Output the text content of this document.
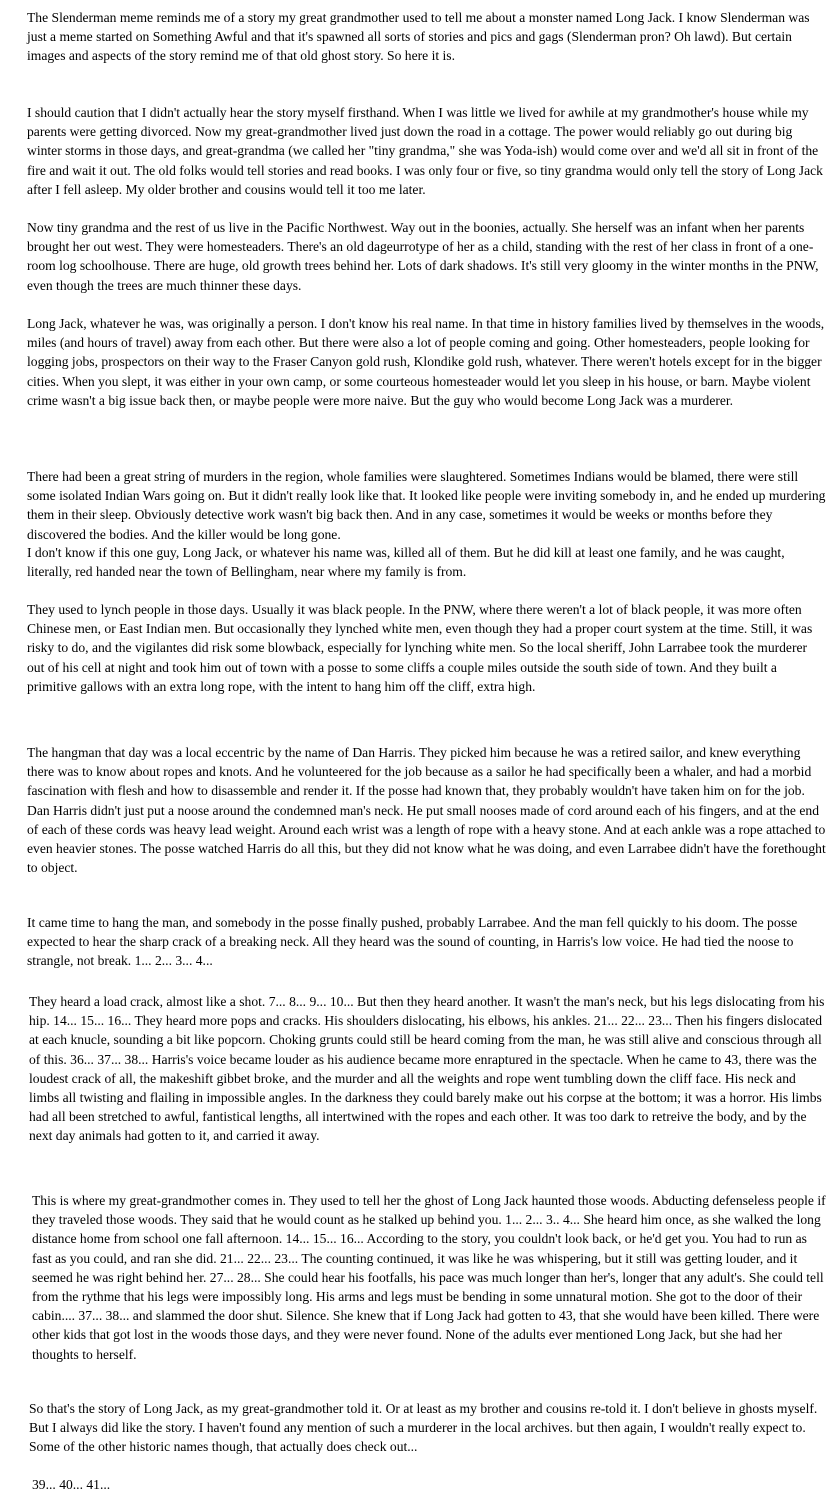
The Slenderman meme reminds me of a story my great grandmother used to tell me about a monster named Long Jack. I know Slenderman was just a meme started on Something Awful and that it's spawned all sorts of stories and pics and gags (Slenderman pron? Oh lawd). But certain images and aspects of the story remind me of that old ghost story. So here it is.

I should caution that I didn't actually hear the story myself firsthand. When I was little we lived for awhile at my grandmother's house while my parents were getting divorced. Now my great-grandmother lived just down the road in a cottage. The power would reliably go out during big winter storms in those days, and great-grandma (we called her "tiny grandma," she was Yoda-ish) would come over and we'd all sit in front of the fire and wait it out. The old folks would tell stories and read books. I was only four or five, so tiny grandma would only tell the story of Long Jack after I fell asleep. My older brother and cousins would tell it too me later.

Now tiny grandma and the rest of us live in the Pacific Northwest. Way out in the boonies, actually. She herself was an infant when her parents brought her out west. They were homesteaders. There's an old dageurrotype of her as a child, standing with the rest of her class in front of a one-room log schoolhouse. There are huge, old growth trees behind her. Lots of dark shadows. It's still very gloomy in the winter months in the PNW, even though the trees are much thinner these days.

Long Jack, whatever he was, was originally a person. I don't know his real name. In that time in history families lived by themselves in the woods, miles (and hours of travel) away from each other. But there were also a lot of people coming and going. Other homesteaders, people looking for logging jobs, prospectors on their way to the Fraser Canyon gold rush, Klondike gold rush, whatever. There weren't hotels except for in the bigger cities. When you slept, it was either in your own camp, or some courteous homesteader would let you sleep in his house, or barn. Maybe violent crime wasn't a big issue back then, or maybe people were more naive. But the guy who would become Long Jack was a murderer.

There had been a great string of murders in the region, whole families were slaughtered. Sometimes Indians would be blamed, there were still some isolated Indian Wars going on. But it didn't really look like that. It looked like people were inviting somebody in, and he ended up murdering them in their sleep. Obviously detective work wasn't big back then. And in any case, sometimes it would be weeks or months before they discovered the bodies. And the killer would be long gone.

I don't know if this one guy, Long Jack, or whatever his name was, killed all of them. But he did kill at least one family, and he was caught, literally, red handed near the town of Bellingham, near where my family is from.

They used to lynch people in those days. Usually it was black people. In the PNW, where there weren't a lot of black people, it was more often Chinese men, or East Indian men. But occasionally they lynched white men, even though they had a proper court system at the time. Still, it was risky to do, and the vigilantes did risk some blowback, especially for lynching white men. So the local sheriff, John Larrabee took the murderer out of his cell at night and took him out of town with a posse to some cliffs a couple miles outside the south side of town. And they built a primitive gallows with an extra long rope, with the intent to hang him off the cliff, extra high.

The hangman that day was a local eccentric by the name of Dan Harris. They picked him because he was a retired sailor, and knew everything there was to know about ropes and knots. And he volunteered for the job because as a sailor he had specifically been a whaler, and had a morbid fascination with flesh and how to disassemble and render it. If the posse had known that, they probably wouldn't have taken him on for the job. Dan Harris didn't just put a noose around the condemned man's neck. He put small nooses made of cord around each of his fingers, and at the end of each of these cords was heavy lead weight. Around each wrist was a length of rope with a heavy stone. And at each ankle was a rope attached to even heavier stones. The posse watched Harris do all this, but they did not know what he was doing, and even Larrabee didn't have the forethought to object.

It came time to hang the man, and somebody in the posse finally pushed, probably Larrabee. And the man fell quickly to his doom. The posse expected to hear the sharp crack of a breaking neck. All they heard was the sound of counting, in Harris's low voice. He had tied the noose to strangle, not break. 1... 2... 3... 4...

They heard a load crack, almost like a shot. 7... 8... 9... 10... But then they heard another. It wasn't the man's neck, but his legs dislocating from his hip. 14... 15... 16... They heard more pops and cracks. His shoulders dislocating, his elbows, his ankles. 21... 22... 23... Then his fingers dislocated at each knucle, sounding a bit like popcorn. Choking grunts could still be heard coming from the man, he was still alive and conscious through all of this. 36... 37... 38... Harris's voice became louder as his audience became more enraptured in the spectacle. When he came to 43, there was the loudest crack of all, the makeshift gibbet broke, and the murder and all the weights and rope went tumbling down the cliff face. His neck and limbs all twisting and flailing in impossible angles. In the darkness they could barely make out his corpse at the bottom; it was a horror. His limbs had all been stretched to awful, fantistical lengths, all intertwined with the ropes and each other. It was too dark to retreive the body, and by the next day animals had gotten to it, and carried it away.

This is where my great-grandmother comes in. They used to tell her the ghost of Long Jack haunted those woods. Abducting defenseless people if they traveled those woods. They said that he would count as he stalked up behind you. 1... 2... 3.. 4... She heard him once, as she walked the long distance home from school one fall afternoon. 14... 15... 16... According to the story, you couldn't look back, or he'd get you. You had to run as fast as you could, and ran she did. 21... 22... 23... The counting continued, it was like he was whispering, but it still was getting louder, and it seemed he was right behind her. 27... 28... She could hear his footfalls, his pace was much longer than her's, longer that any adult's. She could tell from the rythme that his legs were impossibly long. His arms and legs must be bending in some unnatural motion. She got to the door of their cabin.... 37... 38... and slammed the door shut. Silence. She knew that if Long Jack had gotten to 43, that she would have been killed. There were other kids that got lost in the woods those days, and they were never found. None of the adults ever mentioned Long Jack, but she had her thoughts to herself.

So that's the story of Long Jack, as my great-grandmother told it. Or at least as my brother and cousins re-told it. I don't believe in ghosts myself. But I always did like the story. I haven't found any mention of such a murderer in the local archives. but then again, I wouldn't really expect to. Some of the other historic names though, that actually does check out...

39... 40... 41...
